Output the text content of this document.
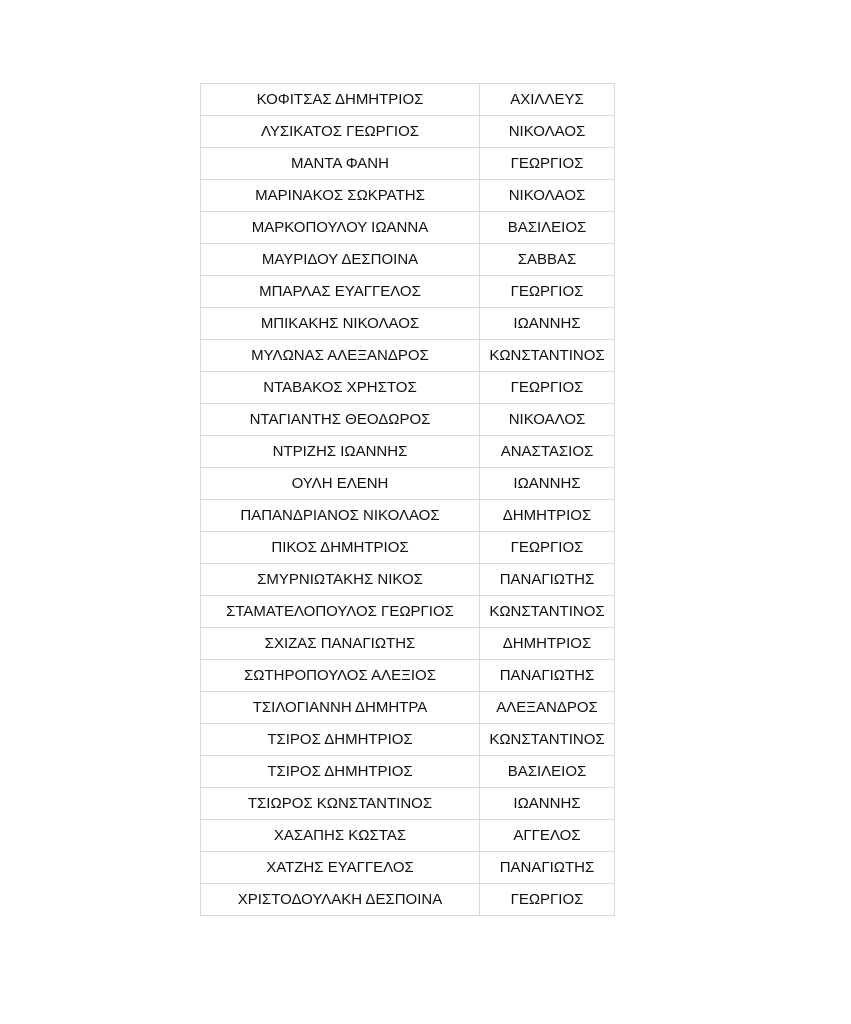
ΚΟΦΙΤΣΑΣ ΔΗΜΗΤΡΙΟΣ	ΑΧΙΛΛΕΥΣ
ΛΥΣΙΚΑΤΟΣ ΓΕΩΡΓΙΟΣ	ΝΙΚΟΛΑΟΣ
ΜΑΝΤΑ ΦΑΝΗ	ΓΕΩΡΓΙΟΣ
ΜΑΡΙΝΑΚΟΣ ΣΩΚΡΑΤΗΣ	ΝΙΚΟΛΑΟΣ
ΜΑΡΚΟΠΟΥΛΟΥ ΙΩΑΝΝΑ	ΒΑΣΙΛΕΙΟΣ
ΜΑΥΡΙΔΟΥ ΔΕΣΠΟΙΝΑ	ΣΑΒΒΑΣ
ΜΠΑΡΛΑΣ ΕΥΑΓΓΕΛΟΣ	ΓΕΩΡΓΙΟΣ
ΜΠΙΚΑΚΗΣ ΝΙΚΟΛΑΟΣ	ΙΩΑΝΝΗΣ
ΜΥΛΩΝΑΣ ΑΛΕΞΑΝΔΡΟΣ	ΚΩΝΣΤΑΝΤΙΝΟΣ
ΝΤΑΒΑΚΟΣ ΧΡΗΣΤΟΣ	ΓΕΩΡΓΙΟΣ
ΝΤΑΓΙΑΝΤΗΣ ΘΕΟΔΩΡΟΣ	ΝΙΚΟΑΛΟΣ
ΝΤΡΙΖΗΣ ΙΩΑΝΝΗΣ	ΑΝΑΣΤΑΣΙΟΣ
ΟΥΛΗ ΕΛΕΝΗ	ΙΩΑΝΝΗΣ
ΠΑΠΑΝΔΡΙΑΝΟΣ ΝΙΚΟΛΑΟΣ	ΔΗΜΗΤΡΙΟΣ
ΠΙΚΟΣ ΔΗΜΗΤΡΙΟΣ	ΓΕΩΡΓΙΟΣ
ΣΜΥΡΝΙΩΤΑΚΗΣ ΝΙΚΟΣ	ΠΑΝΑΓΙΩΤΗΣ
ΣΤΑΜΑΤΕΛΟΠΟΥΛΟΣ ΓΕΩΡΓΙΟΣ	ΚΩΝΣΤΑΝΤΙΝΟΣ
ΣΧΙΖΑΣ ΠΑΝΑΓΙΩΤΗΣ	ΔΗΜΗΤΡΙΟΣ
ΣΩΤΗΡΟΠΟΥΛΟΣ ΑΛΕΞΙΟΣ	ΠΑΝΑΓΙΩΤΗΣ
ΤΣΙΛΟΓΙΑΝΝΗ ΔΗΜΗΤΡΑ	ΑΛΕΞΑΝΔΡΟΣ
ΤΣΙΡΟΣ ΔΗΜΗΤΡΙΟΣ	ΚΩΝΣΤΑΝΤΙΝΟΣ
ΤΣΙΡΟΣ ΔΗΜΗΤΡΙΟΣ	ΒΑΣΙΛΕΙΟΣ
ΤΣΙΩΡΟΣ ΚΩΝΣΤΑΝΤΙΝΟΣ	ΙΩΑΝΝΗΣ
ΧΑΣΑΠΗΣ ΚΩΣΤΑΣ	ΑΓΓΕΛΟΣ
ΧΑΤΖΗΣ ΕΥΑΓΓΕΛΟΣ	ΠΑΝΑΓΙΩΤΗΣ
ΧΡΙΣΤΟΔΟΥΛΑΚΗ ΔΕΣΠΟΙΝΑ	ΓΕΩΡΓΙΟΣ
